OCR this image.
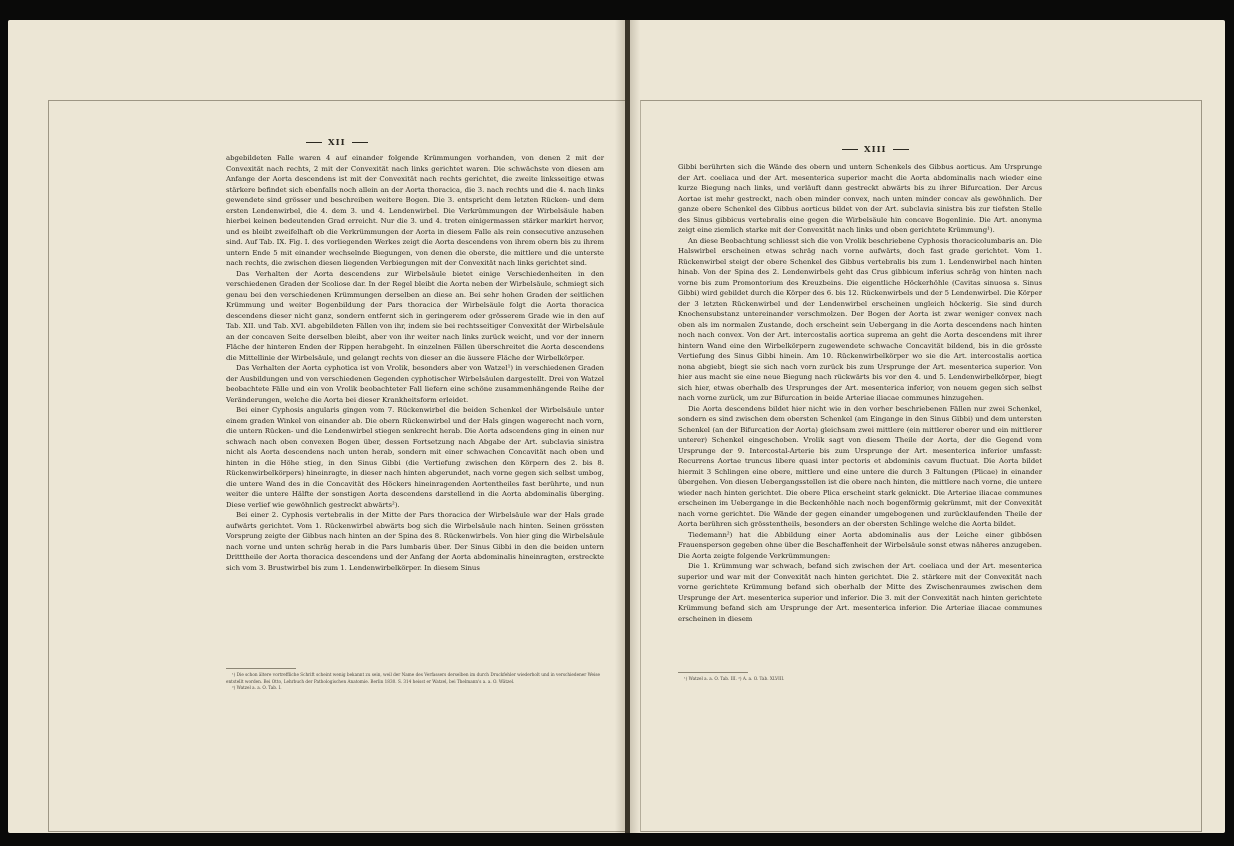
XII

abgebildeten Falle waren 4 auf einander folgende Krümmungen vorhanden, von denen 2 mit der Convexität nach rechts, 2 mit der Convexität nach links gerichtet waren. Die schwächste von diesen am Anfange der Aorta descendens ist mit der Convexität nach rechts gerichtet, die zweite linksseitige etwas stärkere befindet sich ebenfalls noch allein an der Aorta thoracica, die 3. nach rechts und die 4. nach links gewendete sind grösser und beschreiben weitere Bogen. Die 3. entspricht dem letzten Rücken- und dem ersten Lendenwirbel, die 4. dem 3. und 4. Lendenwirbel. Die Verkrümmungen der Wirbelsäule haben hierbei keinen bedeutenden Grad erreicht. Nur die 3. und 4. treten einigermassen stärker markirt hervor, und es bleibt zweifelhaft ob die Verkrümmungen der Aorta in diesem Falle als rein consecutive anzusehen sind. Auf Tab. IX. Fig. I. des vorliegenden Werkes zeigt die Aorta descendens von ihrem obern bis zu ihrem untern Ende 5 mit einander wechselnde Biegungen, von denen die oberste, die mittlere und die unterste nach rechts, die zwischen diesen liegenden Verbiegungen mit der Convexität nach links gerichtet sind.

Das Verhalten der Aorta descendens zur Wirbelsäule bietet einige Verschiedenheiten in den verschiedenen Graden der Scoliose dar. In der Regel bleibt die Aorta neben der Wirbelsäule, schmiegt sich genau bei den verschiedenen Krümmungen derselben an diese an. Bei sehr hohen Graden der seitlichen Krümmung und weiter Bogenbildung der Pars thoracica der Wirbelsäule folgt die Aorta thoracica descendens dieser nicht ganz, sondern entfernt sich in geringerem oder grösserem Grade wie in den auf Tab. XII. und Tab. XVI. abgebildeten Fällen von ihr, indem sie bei rechtsseitiger Convexität der Wirbelsäule an der concaven Seite derselben bleibt, aber von ihr weiter nach links zurück weicht, und vor der innern Fläche der hinteren Enden der Rippen herabgeht. In einzelnen Fällen überschreitet die Aorta descendens die Mittellinie der Wirbelsäule, und gelangt rechts von dieser an die äussere Fläche der Wirbelkörper.

Das Verhalten der Aorta cyphotica ist von Vrolik, besonders aber von Watzel¹) in verschiedenen Graden der Ausbildungen und von verschiedenen Gegenden cyphotischer Wirbelsäulen dargestellt. Drei von Watzel beobachtete Fälle und ein von Vrolik beobachteter Fall liefern eine schöne zusammenhängende Reihe der Veränderungen, welche die Aorta bei dieser Krankheitsform erleidet.

Bei einer Cyphosis angularis gingen vom 7. Rückenwirbel die beiden Schenkel der Wirbelsäule unter einem graden Winkel von einander ab. Die obern Rückenwirbel und der Hals gingen wagerecht nach vorn, die untern Rücken- und die Lendenwirbel stiegen senkrecht herab. Die Aorta adscendens ging in einen nur schwach nach oben convexen Bogen über, dessen Fortsetzung nach Abgabe der Art. subclavia sinistra nicht als Aorta descendens nach unten herab, sondern mit einer schwachen Concavität nach oben und hinten in die Höhe stieg, in den Sinus Gibbi (die Vertiefung zwischen den Körpern des 2. bis 8. Rückenwirbelkörpers) hineinragte, in dieser nach hinten abgerundet, nach vorne gegen sich selbst umbog, die untere Wand des in die Concavität des Höckers hineinragenden Aortentheiles fast berührte, und nun weiter die untere Hälfte der sonstigen Aorta descendens darstellend in die Aorta abdominalis überging. Diese verlief wie gewöhnlich gestreckt abwärts²).

Bei einer 2. Cyphosis vertebralis in der Mitte der Pars thoracica der Wirbelsäule war der Hals grade aufwärts gerichtet. Vom 1. Rückenwirbel abwärts bog sich die Wirbelsäule nach hinten. Seinen grössten Vorsprung zeigte der Gibbus nach hinten an der Spina des 8. Rückenwirbels. Von hier ging die Wirbelsäule nach vorne und unten schräg herab in die Pars lumbaris über. Der Sinus Gibbi in den die beiden untern Dritttheile der Aorta thoracica descendens und der Anfang der Aorta abdominalis hineinragten, erstreckte sich vom 3. Brustwirbel bis zum 1. Lendenwirbelkörper. In diesem Sinus

¹) Die schon ältere vortreffliche Schrift scheint wenig bekannt zu sein, weil der Name des Verfassers derselben im durch Druckfehler wiederholt und in verschiedener Weise entstellt worden. Bei Otto, Lehrbuch der Pathologischen Anatomie. Berlin 1830. S. 314 heisst er Watzel, bei Thelmann's a. a. O. Wätzel.
²) Watzel a. a. O. Tab. I.
XIII

Gibbi berührten sich die Wände des obern und untern Schenkels des Gibbus aorticus. Am Ursprunge der Art. coeliaca und der Art. mesenterica superior macht die Aorta abdominalis nach wieder eine kurze Biegung nach links, und verläuft dann gestreckt abwärts bis zu ihrer Bifurcation. Der Arcus Aortae ist mehr gestreckt, nach oben minder convex, nach unten minder concav als gewöhnlich. Der ganze obere Schenkel des Gibbus aorticus bildet von der Art. subclavia sinistra bis zur tiefsten Stelle des Sinus gibbicus vertebralis eine gegen die Wirbelsäule hin concave Bogenlinie. Die Art. anonyma zeigt eine ziemlich starke mit der Convexität nach links und oben gerichtete Krümmung¹).

An diese Beobachtung schliesst sich die von Vrolik beschriebene Cyphosis thoracicolumbaris an. Die Halswirbel erscheinen etwas schräg nach vorne aufwärts, doch fast grade gerichtet. Vom 1. Rückenwirbel steigt der obere Schenkel des Gibbus vertebralis bis zum 1. Lendenwirbel nach hinten hinab. Von der Spina des 2. Lendenwirbels geht das Crus gibbicum inferius schräg von hinten nach vorne bis zum Promontorium des Kreuzbeins. Die eigentliche Höckerhöhle (Cavitas sinuosa s. Sinus Gibbi) wird gebildet durch die Körper des 6. bis 12. Rückenwirbels und der 5 Lendenwirbel. Die Körper der 3 letzten Rückenwirbel und der Lendenwirbel erscheinen ungleich höckerig. Sie sind durch Knochensubstanz untereinander verschmolzen. Der Bogen der Aorta ist zwar weniger convex nach oben als im normalen Zustande, doch erscheint sein Uebergang in die Aorta descendens nach hinten noch nach convex. Von der Art. intercostalis aortica suprema an geht die Aorta descendens mit ihrer hintern Wand eine den Wirbelkörpern zugewendete schwache Concavität bildend, bis in die grösste Vertiefung des Sinus Gibbi hinein. Am 10. Rückenwirbelkörper wo sie die Art. intercostalis aortica nona abgiebt, biegt sie sich nach vorn zurück bis zum Ursprunge der Art. mesenterica superior. Von hier aus macht sie eine neue Biegung nach rückwärts bis vor den 4. und 5. Lendenwirbelkörper, biegt sich hier, etwas oberhalb des Ursprunges der Art. mesenterica inferior, von neuem gegen sich selbst nach vorne zurück, um zur Bifurcation in beide Arteriae iliacae communes hinzugehen.

Die Aorta descendens bildet hier nicht wie in den vorher beschriebenen Fällen nur zwei Schenkel, sondern es sind zwischen dem obersten Schenkel (am Eingange in den Sinus Gibbi) und dem untersten Schenkel (an der Bifurcation der Aorta) gleichsam zwei mittlere (ein mittlerer oberer und ein mittlerer unterer) Schenkel eingeschoben. Vrolik sagt von diesem Theile der Aorta, der die Gegend vom Ursprunge der 9. Intercostal-Arterie bis zum Ursprunge der Art. mesenterica inferior umfasst: Recurrens Aortae truncus libere quasi inter pectoris et abdominis cavum fluctuat. Die Aorta bildet hiermit 3 Schlingen eine obere, mittlere und eine untere die durch 3 Faltungen (Plicae) in einander übergehen. Von diesen Uebergangsstellen ist die obere nach hinten, die mittlere nach vorne, die untere wieder nach hinten gerichtet. Die obere Plica erscheint stark geknickt. Die Arteriae iliacae communes erscheinen im Uebergange in die Beckenhöhle nach noch bogenförmig gekrümmt, mit der Convexität nach vorne gerichtet. Die Wände der gegen einander umgebogenen und zurücklaufenden Theile der Aorta berühren sich grösstentheils, besonders an der obersten Schlinge welche die Aorta bildet.

Tiedemann²) hat die Abbildung einer Aorta abdominalis aus der Leiche einer gibbösen Frauensperson gegeben ohne über die Beschaffenheit der Wirbelsäule sonst etwas näheres anzugeben. Die Aorta zeigte folgende Verkrümmungen:

Die 1. Krümmung war schwach, befand sich zwischen der Art. coeliaca und der Art. mesenterica superior und war mit der Convexität nach hinten gerichtet. Die 2. stärkere mit der Convexität nach vorne gerichtete Krümmung befand sich oberhalb der Mitte des Zwischenraumes zwischen dem Ursprunge der Art. mesenterica superior und inferior. Die 3. mit der Convexität nach hinten gerichtete Krümmung befand sich am Ursprunge der Art. mesenterica inferior. Die Arteriae iliacae communes erscheinen in diesem

¹) Watzel a. a. O. Tab. III. ²) A. a. O. Tab. XLVIII.
